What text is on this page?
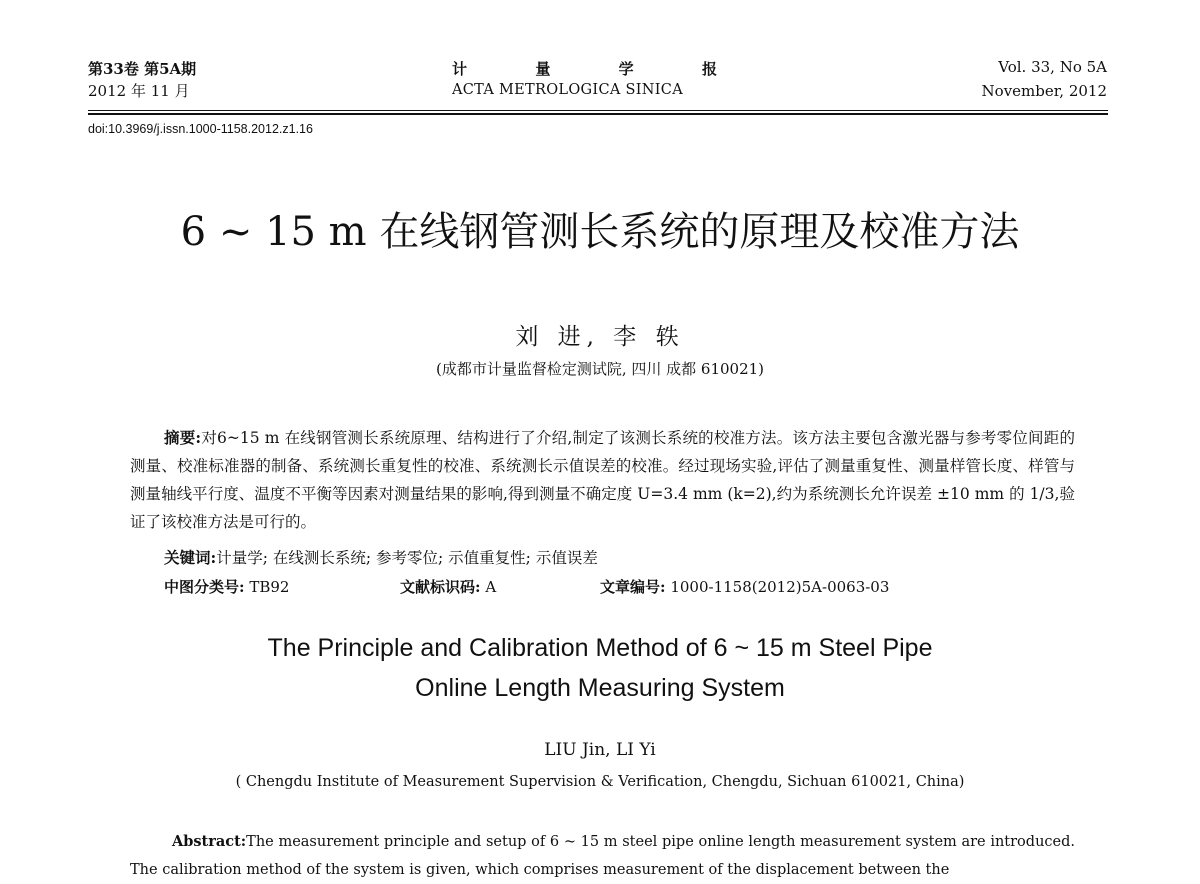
第33卷 第5A期
2012 年 11 月
计 量 学 报
ACTA METROLOGICA SINICA
Vol. 33, No 5A
November, 2012
doi:10.3969/j.issn.1000-1158.2012.z1.16
6 ~ 15 m 在线钢管测长系统的原理及校准方法
刘 进, 李 轶
(成都市计量监督检定测试院, 四川 成都 610021)
摘要:对6~15 m 在线钢管测长系统原理、结构进行了介绍,制定了该测长系统的校准方法。该方法主要包含激光器与参考零位间距的测量、校准标准器的制备、系统测长重复性的校准、系统测长示值误差的校准。经过现场实验,评估了测量重复性、测量样管长度、样管与测量轴线平行度、温度不平衡等因素对测量结果的影响,得到测量不确定度 U=3.4 mm (k=2),约为系统测长允许误差 ±10 mm 的 1/3,验证了该校准方法是可行的。
关键词:计量学; 在线测长系统; 参考零位; 示值重复性; 示值误差
中图分类号: TB92	文献标识码: A	文章编号: 1000-1158(2012)5A-0063-03
The Principle and Calibration Method of 6 ~ 15 m Steel Pipe
Online Length Measuring System
LIU Jin, LI Yi
( Chengdu Institute of Measurement Supervision & Verification, Chengdu, Sichuan 610021, China)
Abstract:The measurement principle and setup of 6 ~ 15 m steel pipe online length measurement system are introduced. The calibration method of the system is given, which comprises measurement of the displacement between the
